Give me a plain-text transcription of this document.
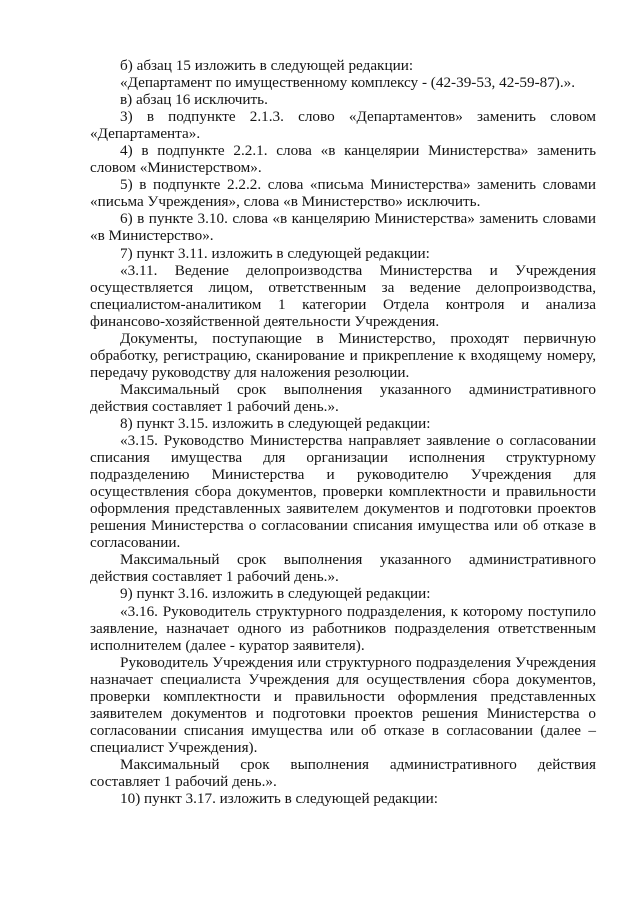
б) абзац 15 изложить в следующей редакции:

«Департамент по имущественному комплексу - (42-39-53, 42-59-87).».

в) абзац 16 исключить.

3) в подпункте 2.1.3. слово «Департаментов» заменить словом «Департамента».

4) в подпункте 2.2.1. слова «в канцелярии Министерства» заменить словом «Министерством».

5) в подпункте 2.2.2. слова «письма Министерства» заменить словами «письма Учреждения», слова «в Министерство» исключить.

6) в пункте 3.10. слова «в канцелярию Министерства» заменить словами «в Министерство».

7) пункт 3.11. изложить в следующей редакции:

«3.11. Ведение делопроизводства Министерства и Учреждения осуществляется лицом, ответственным за ведение делопроизводства, специалистом-аналитиком 1 категории Отдела контроля и анализа финансово-хозяйственной деятельности Учреждения.

Документы, поступающие в Министерство, проходят первичную обработку, регистрацию, сканирование и прикрепление к входящему номеру, передачу руководству для наложения резолюции.

Максимальный срок выполнения указанного административного действия составляет 1 рабочий день.».

8) пункт 3.15. изложить в следующей редакции:

«3.15. Руководство Министерства направляет заявление о согласовании списания имущества для организации исполнения структурному подразделению Министерства и руководителю Учреждения для осуществления сбора документов, проверки комплектности и правильности оформления представленных заявителем документов и подготовки проектов решения Министерства о согласовании списания имущества или об отказе в согласовании.

Максимальный срок выполнения указанного административного действия составляет 1 рабочий день.».

9) пункт 3.16. изложить в следующей редакции:

«3.16. Руководитель структурного подразделения, к которому поступило заявление, назначает одного из работников подразделения ответственным исполнителем (далее - куратор заявителя).

Руководитель Учреждения или структурного подразделения Учреждения назначает специалиста Учреждения для осуществления сбора документов, проверки комплектности и правильности оформления представленных заявителем документов и подготовки проектов решения Министерства о согласовании списания имущества или об отказе в согласовании (далее – специалист Учреждения).

Максимальный срок выполнения административного действия составляет 1 рабочий день.».

10) пункт 3.17. изложить в следующей редакции:
